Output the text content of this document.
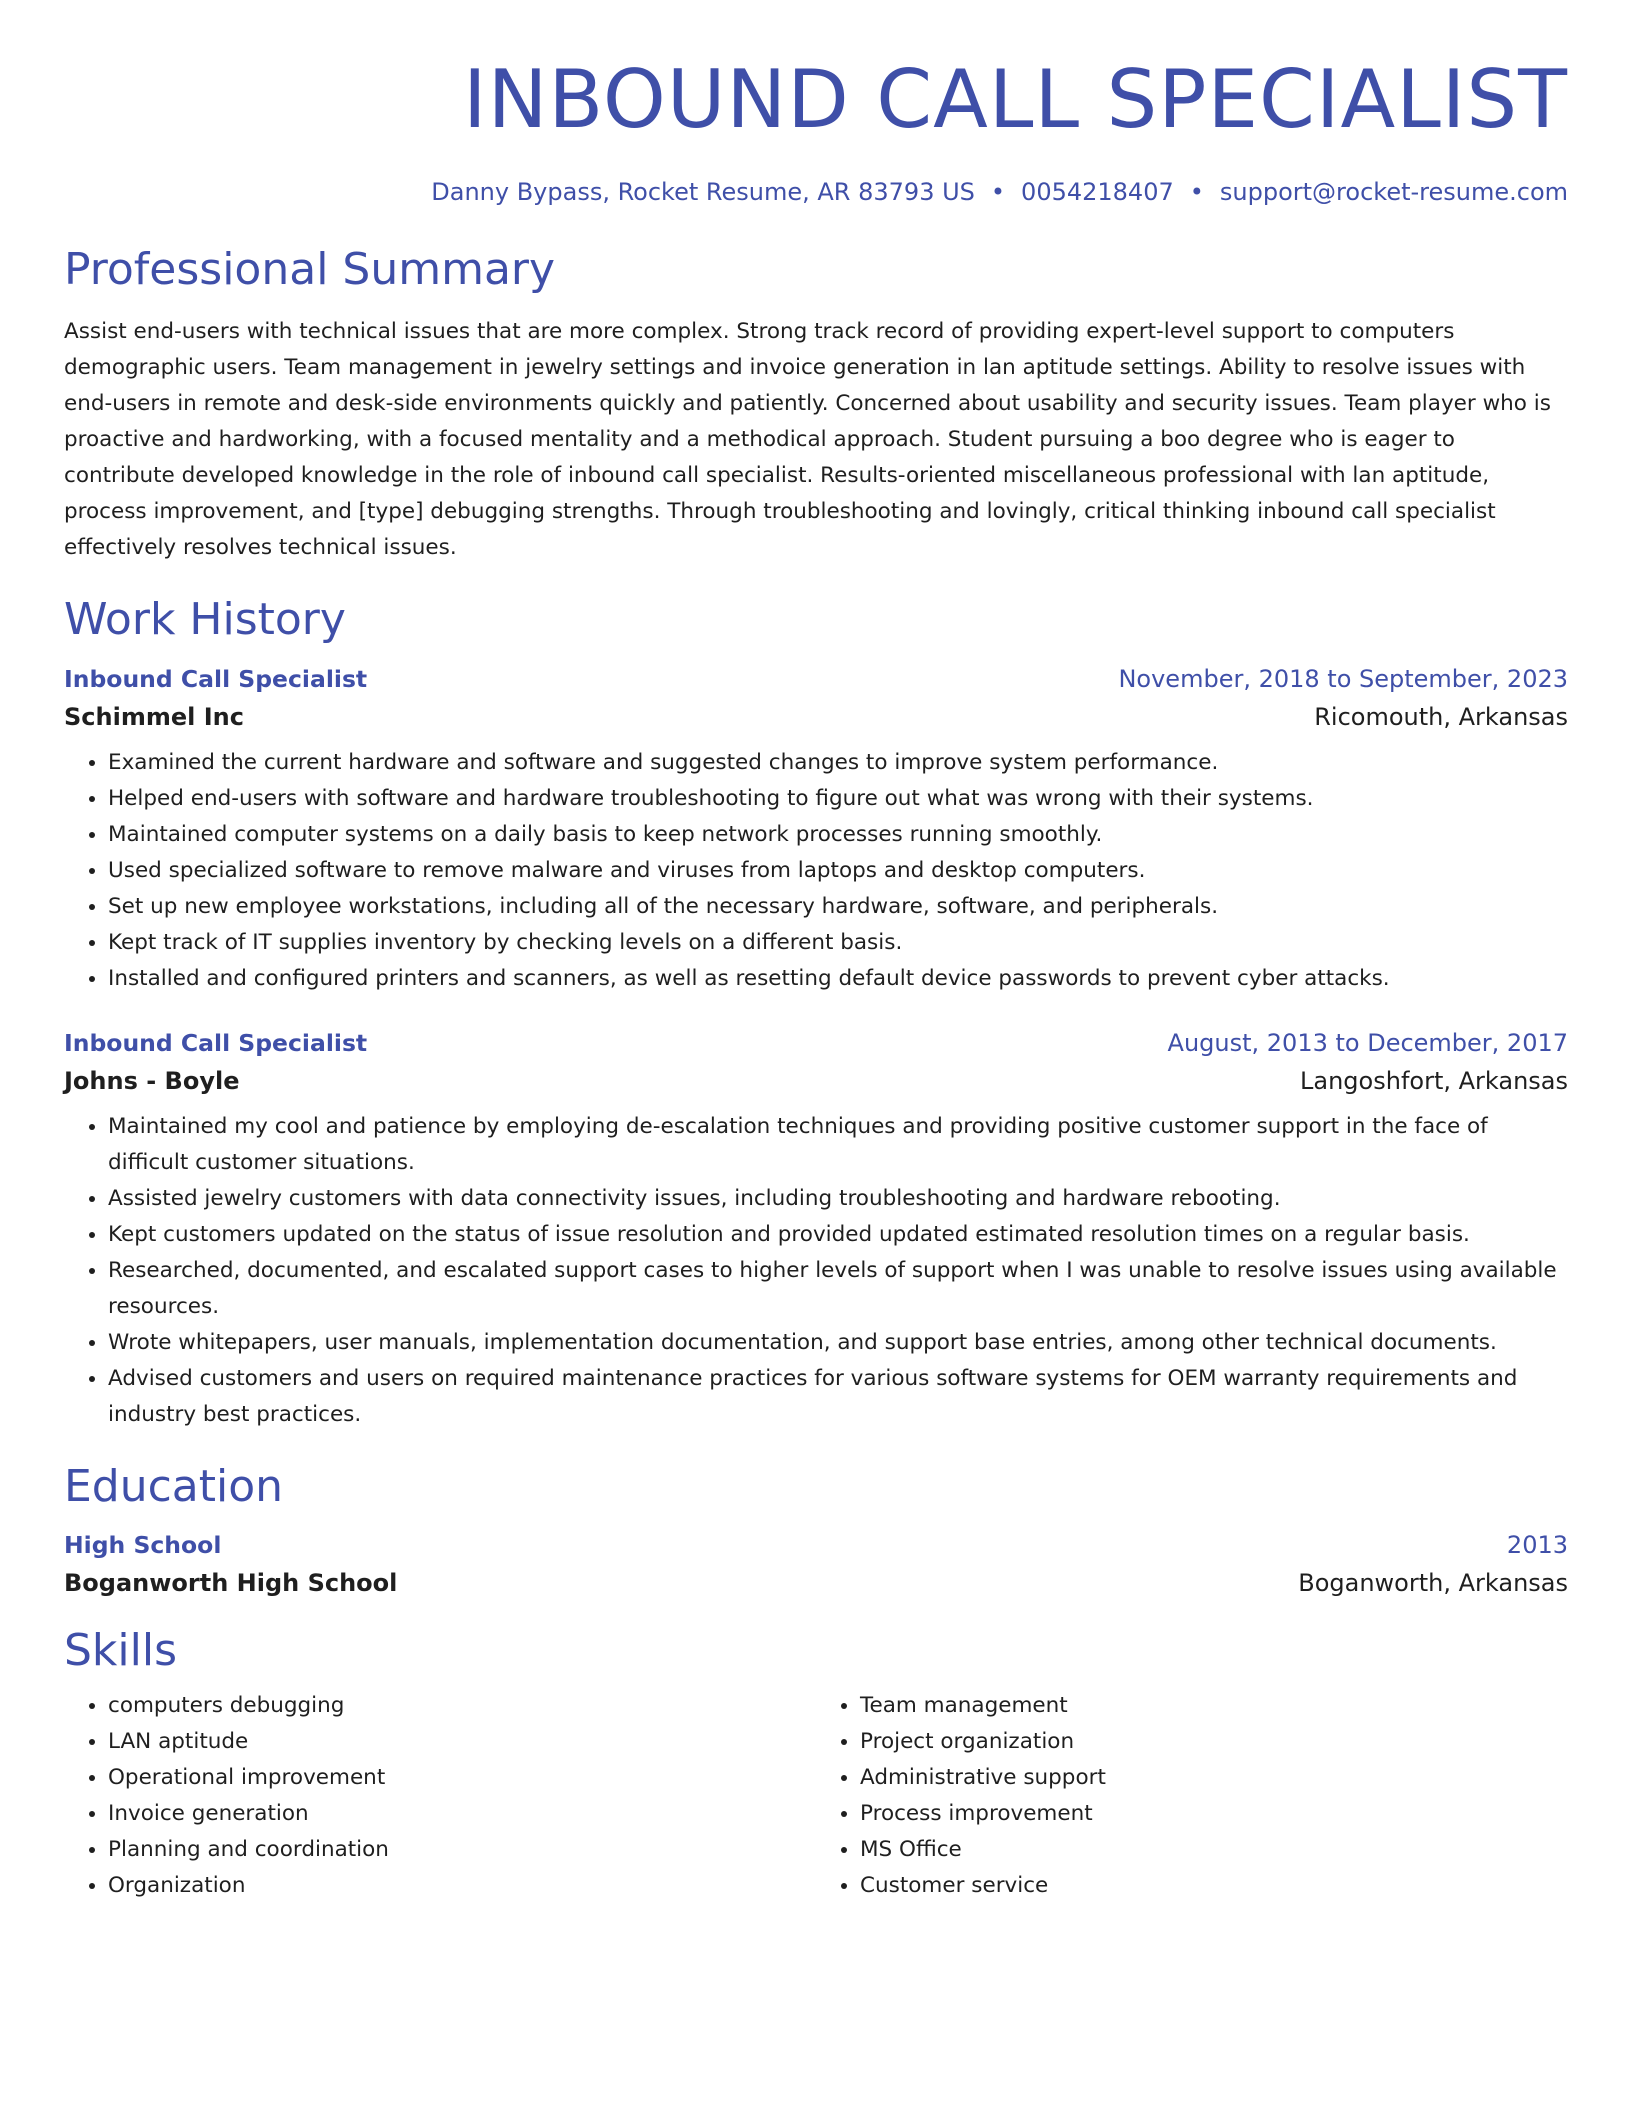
INBOUND CALL SPECIALIST
Danny Bypass, Rocket Resume, AR 83793 US • 0054218407 • support@rocket-resume.com
Professional Summary

Assist end-users with technical issues that are more complex. Strong track record of providing expert-level support to computers demographic users. Team management in jewelry settings and invoice generation in lan aptitude settings. Ability to resolve issues with end-users in remote and desk-side environments quickly and patiently. Concerned about usability and security issues. Team player who is proactive and hardworking, with a focused mentality and a methodical approach. Student pursuing a boo degree who is eager to contribute developed knowledge in the role of inbound call specialist. Results-oriented miscellaneous professional with lan aptitude, process improvement, and [type] debugging strengths. Through troubleshooting and lovingly, critical thinking inbound call specialist effectively resolves technical issues.

Work History
Inbound Call Specialist	November, 2018 to September, 2023
Schimmel Inc	Ricomouth, Arkansas
• Examined the current hardware and software and suggested changes to improve system performance.
• Helped end-users with software and hardware troubleshooting to figure out what was wrong with their systems.
• Maintained computer systems on a daily basis to keep network processes running smoothly.
• Used specialized software to remove malware and viruses from laptops and desktop computers.
• Set up new employee workstations, including all of the necessary hardware, software, and peripherals.
• Kept track of IT supplies inventory by checking levels on a different basis.
• Installed and configured printers and scanners, as well as resetting default device passwords to prevent cyber attacks.
Inbound Call Specialist	August, 2013 to December, 2017
Johns - Boyle	Langoshfort, Arkansas
• Maintained my cool and patience by employing de-escalation techniques and providing positive customer support in the face of difficult customer situations.
• Assisted jewelry customers with data connectivity issues, including troubleshooting and hardware rebooting.
• Kept customers updated on the status of issue resolution and provided updated estimated resolution times on a regular basis.
• Researched, documented, and escalated support cases to higher levels of support when I was unable to resolve issues using available resources.
• Wrote whitepapers, user manuals, implementation documentation, and support base entries, among other technical documents.
• Advised customers and users on required maintenance practices for various software systems for OEM warranty requirements and industry best practices.
Education
High School	2013
Boganworth High School	Boganworth, Arkansas
Skills
• computers debugging
• LAN aptitude
• Operational improvement
• Invoice generation
• Planning and coordination
• Organization
• Team management
• Project organization
• Administrative support
• Process improvement
• MS Office
• Customer service
